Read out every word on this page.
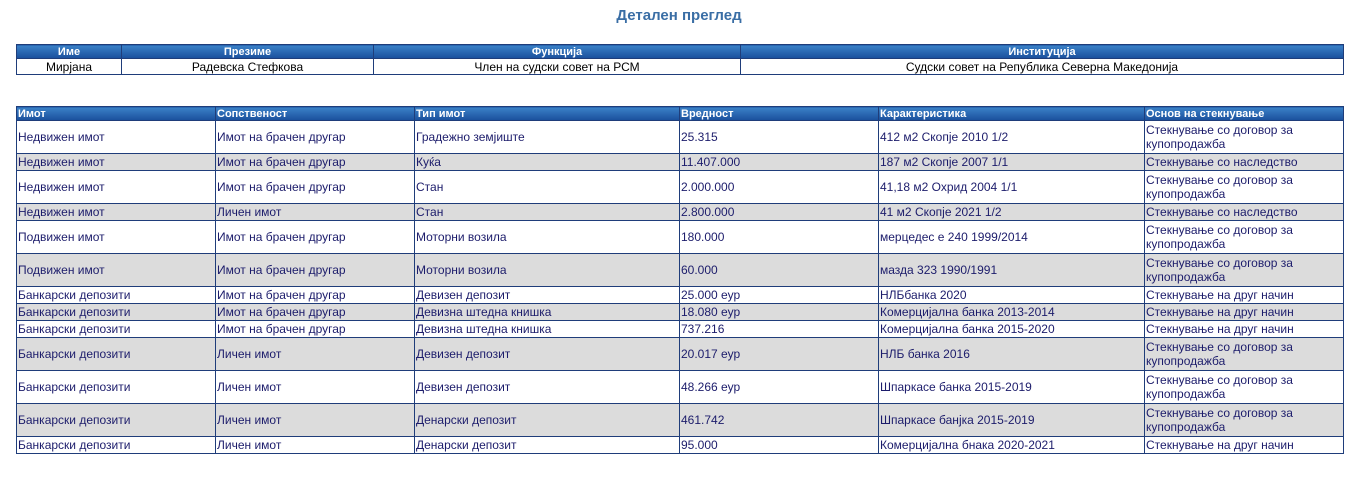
Детален преглед
Име	Презиме	Функција	Институција
Мирјана	Радевска Стефкова	Член на судски совет на РСМ	Судски совет на Република Северна Македонија
Имот	Сопственост	Тип имот	Вредност	Карактеристика	Основ на стекнување
Недвижен имот	Имот на брачен другар	Градежно земјиште	25.315	412 м2 Скопје 2010 1/2	Стекнување со договор за купопродажба
Недвижен имот	Имот на брачен другар	Куќа	11.407.000	187 м2 Скопје 2007 1/1	Стекнување со наследство
Недвижен имот	Имот на брачен другар	Стан	2.000.000	41,18 м2 Охрид 2004 1/1	Стекнување со договор за купопродажба
Недвижен имот	Личен имот	Стан	2.800.000	41 м2 Скопје 2021 1/2	Стекнување со наследство
Подвижен имот	Имот на брачен другар	Моторни возила	180.000	мерцедес е 240 1999/2014	Стекнување со договор за купопродажба
Подвижен имот	Имот на брачен другар	Моторни возила	60.000	мазда 323 1990/1991	Стекнување со договор за купопродажба
Банкарски депозити	Имот на брачен другар	Девизен депозит	25.000 еур	НЛБбанка 2020	Стекнување на друг начин
Банкарски депозити	Имот на брачен другар	Девизна штедна книшка	18.080 еур	Комерцијална банка 2013-2014	Стекнување на друг начин
Банкарски депозити	Имот на брачен другар	Девизна штедна книшка	737.216	Комерцијална банка 2015-2020	Стекнување на друг начин
Банкарски депозити	Личен имот	Девизен депозит	20.017 еур	НЛБ банка 2016	Стекнување со договор за купопродажба
Банкарски депозити	Личен имот	Девизен депозит	48.266 еур	Шпаркасе банка 2015-2019	Стекнување со договор за купопродажба
Банкарски депозити	Личен имот	Денарски депозит	461.742	Шпаркасе банјка 2015-2019	Стекнување со договор за купопродажба
Банкарски депозити	Личен имот	Денарски депозит	95.000	Комерцијална бнака 2020-2021	Стекнување на друг начин
